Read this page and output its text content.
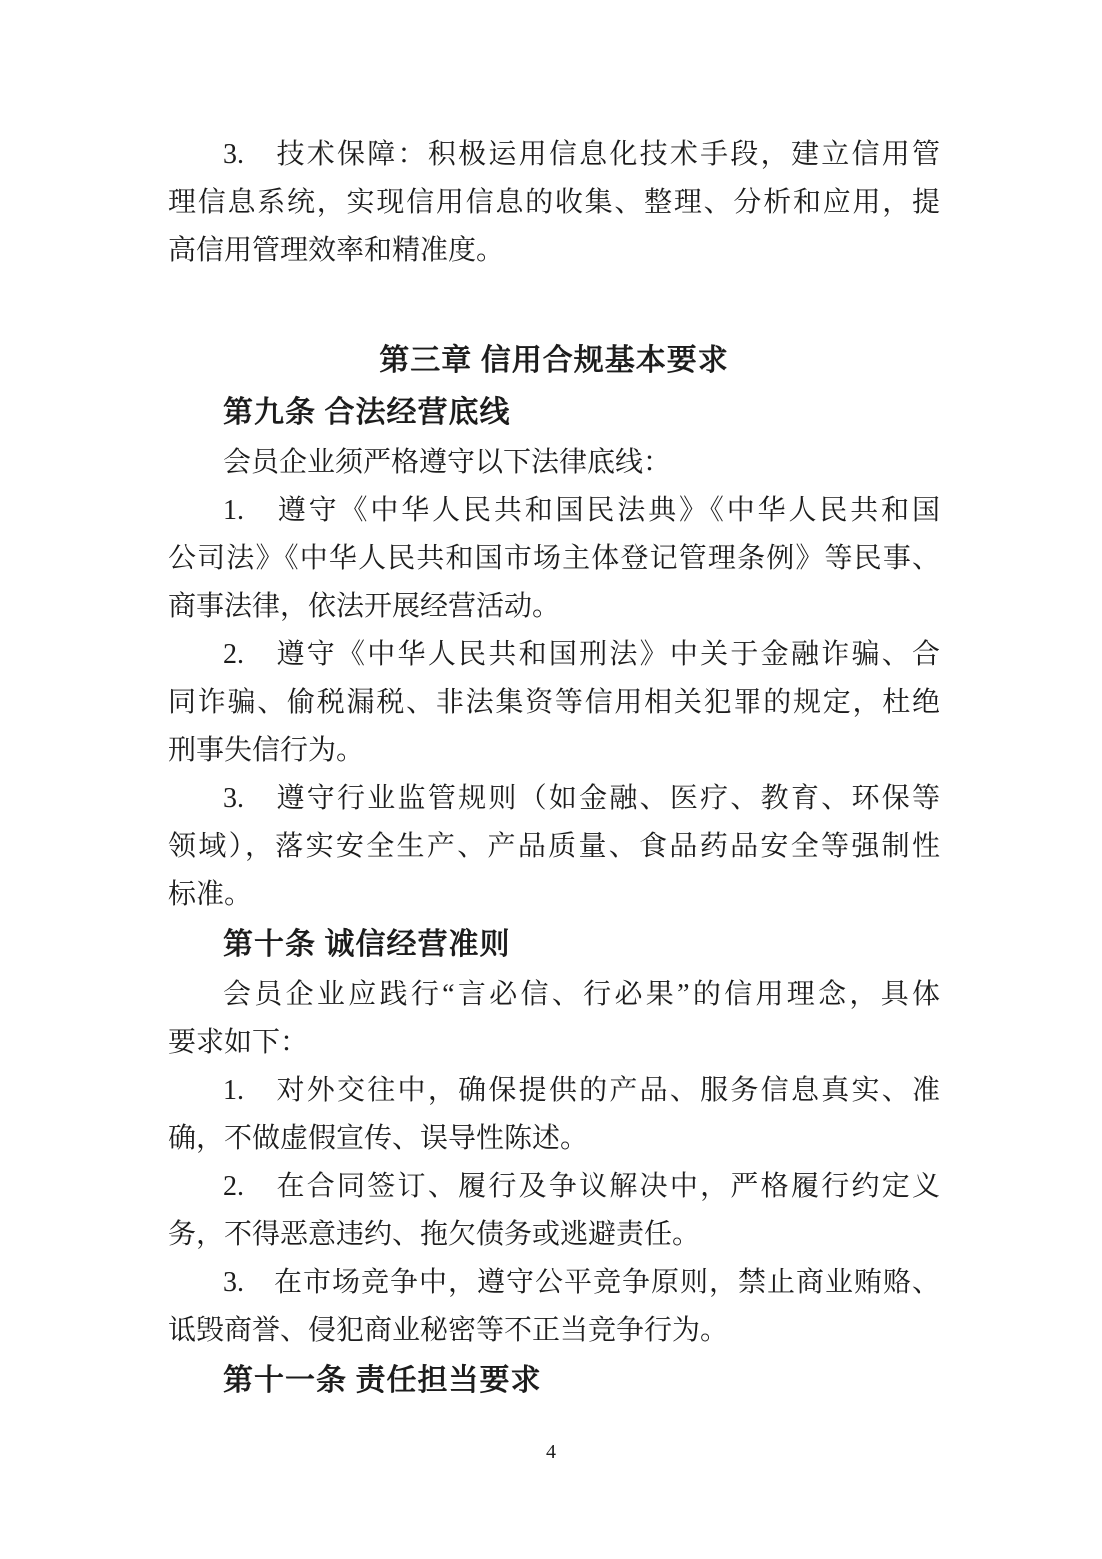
3.　技术保障：积极运用信息化技术手段，建立信用管
理信息系统，实现信用信息的收集、整理、分析和应用，提
高信用管理效率和精准度。
第三章 信用合规基本要求
第九条 合法经营底线
会员企业须严格遵守以下法律底线：
1.　遵守《中华人民共和国民法典》《中华人民共和国
公司法》《中华人民共和国市场主体登记管理条例》等民事、
商事法律，依法开展经营活动。
2.　遵守《中华人民共和国刑法》中关于金融诈骗、合
同诈骗、偷税漏税、非法集资等信用相关犯罪的规定，杜绝
刑事失信行为。
3.　遵守行业监管规则（如金融、医疗、教育、环保等
领域），落实安全生产、产品质量、食品药品安全等强制性
标准。
第十条 诚信经营准则
会员企业应践行“言必信、行必果”的信用理念，具体
要求如下：
1.　对外交往中，确保提供的产品、服务信息真实、准
确，不做虚假宣传、误导性陈述。
2.　在合同签订、履行及争议解决中，严格履行约定义
务，不得恶意违约、拖欠债务或逃避责任。
3.　在市场竞争中，遵守公平竞争原则，禁止商业贿赂、
诋毁商誉、侵犯商业秘密等不正当竞争行为。
第十一条 责任担当要求
4
